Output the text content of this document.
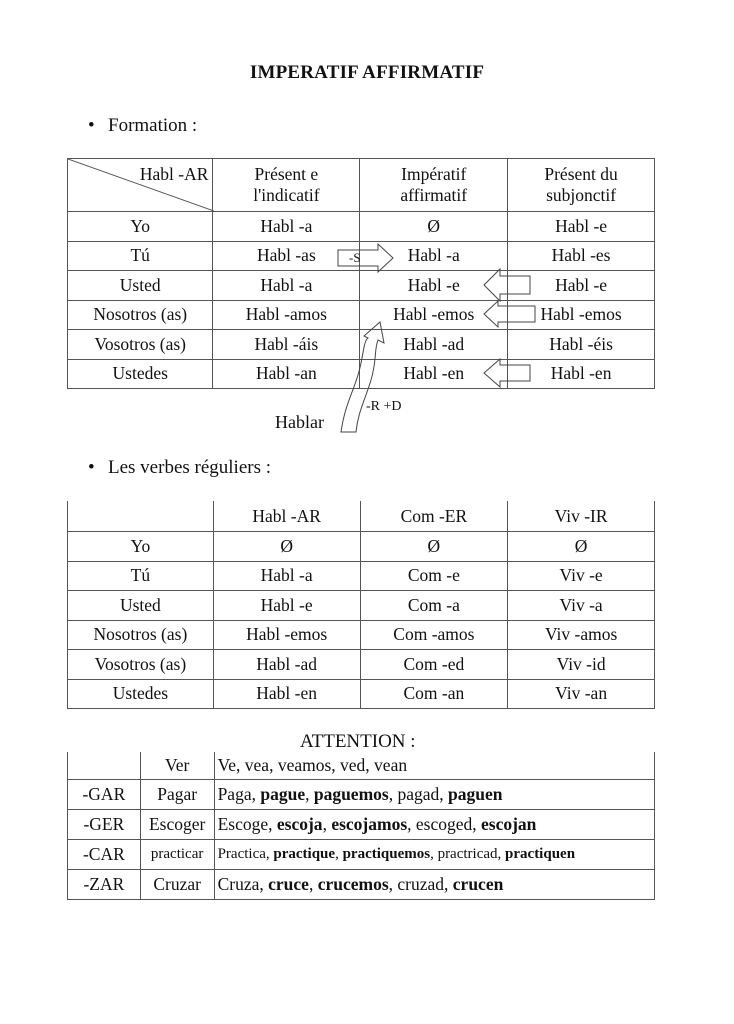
IMPERATIF AFFIRMATIF
• Formation :
Habl -AR	Présent e l'indicatif	Impératif affirmatif	Présent du subjonctif
Yo	Habl -a	Ø	Habl -e
Tú	Habl -as	Habl -a	Habl -es
Usted	Habl -a	Habl -e	Habl -e
Nosotros (as)	Habl -amos	Habl -emos	Habl -emos
Vosotros (as)	Habl -áis	Habl -ad	Habl -éis
Ustedes	Habl -an	Habl -en	Habl -en
-S
-R +D
Hablar
• Les verbes réguliers :
	Habl -AR	Com -ER	Viv -IR
Yo	Ø	Ø	Ø
Tú	Habl -a	Com -e	Viv -e
Usted	Habl -e	Com -a	Viv -a
Nosotros (as)	Habl -emos	Com -amos	Viv -amos
Vosotros (as)	Habl -ad	Com -ed	Viv -id
Ustedes	Habl -en	Com -an	Viv -an
ATTENTION :
	Ver	Ve, vea, veamos, ved, vean
-GAR	Pagar	Paga, pague, paguemos, pagad, paguen
-GER	Escoger	Escoge, escoja, escojamos, escoged, escojan
-CAR	practicar	Practica, practique, practiquemos, practricad, practiquen
-ZAR	Cruzar	Cruza, cruce, crucemos, cruzad, crucen
